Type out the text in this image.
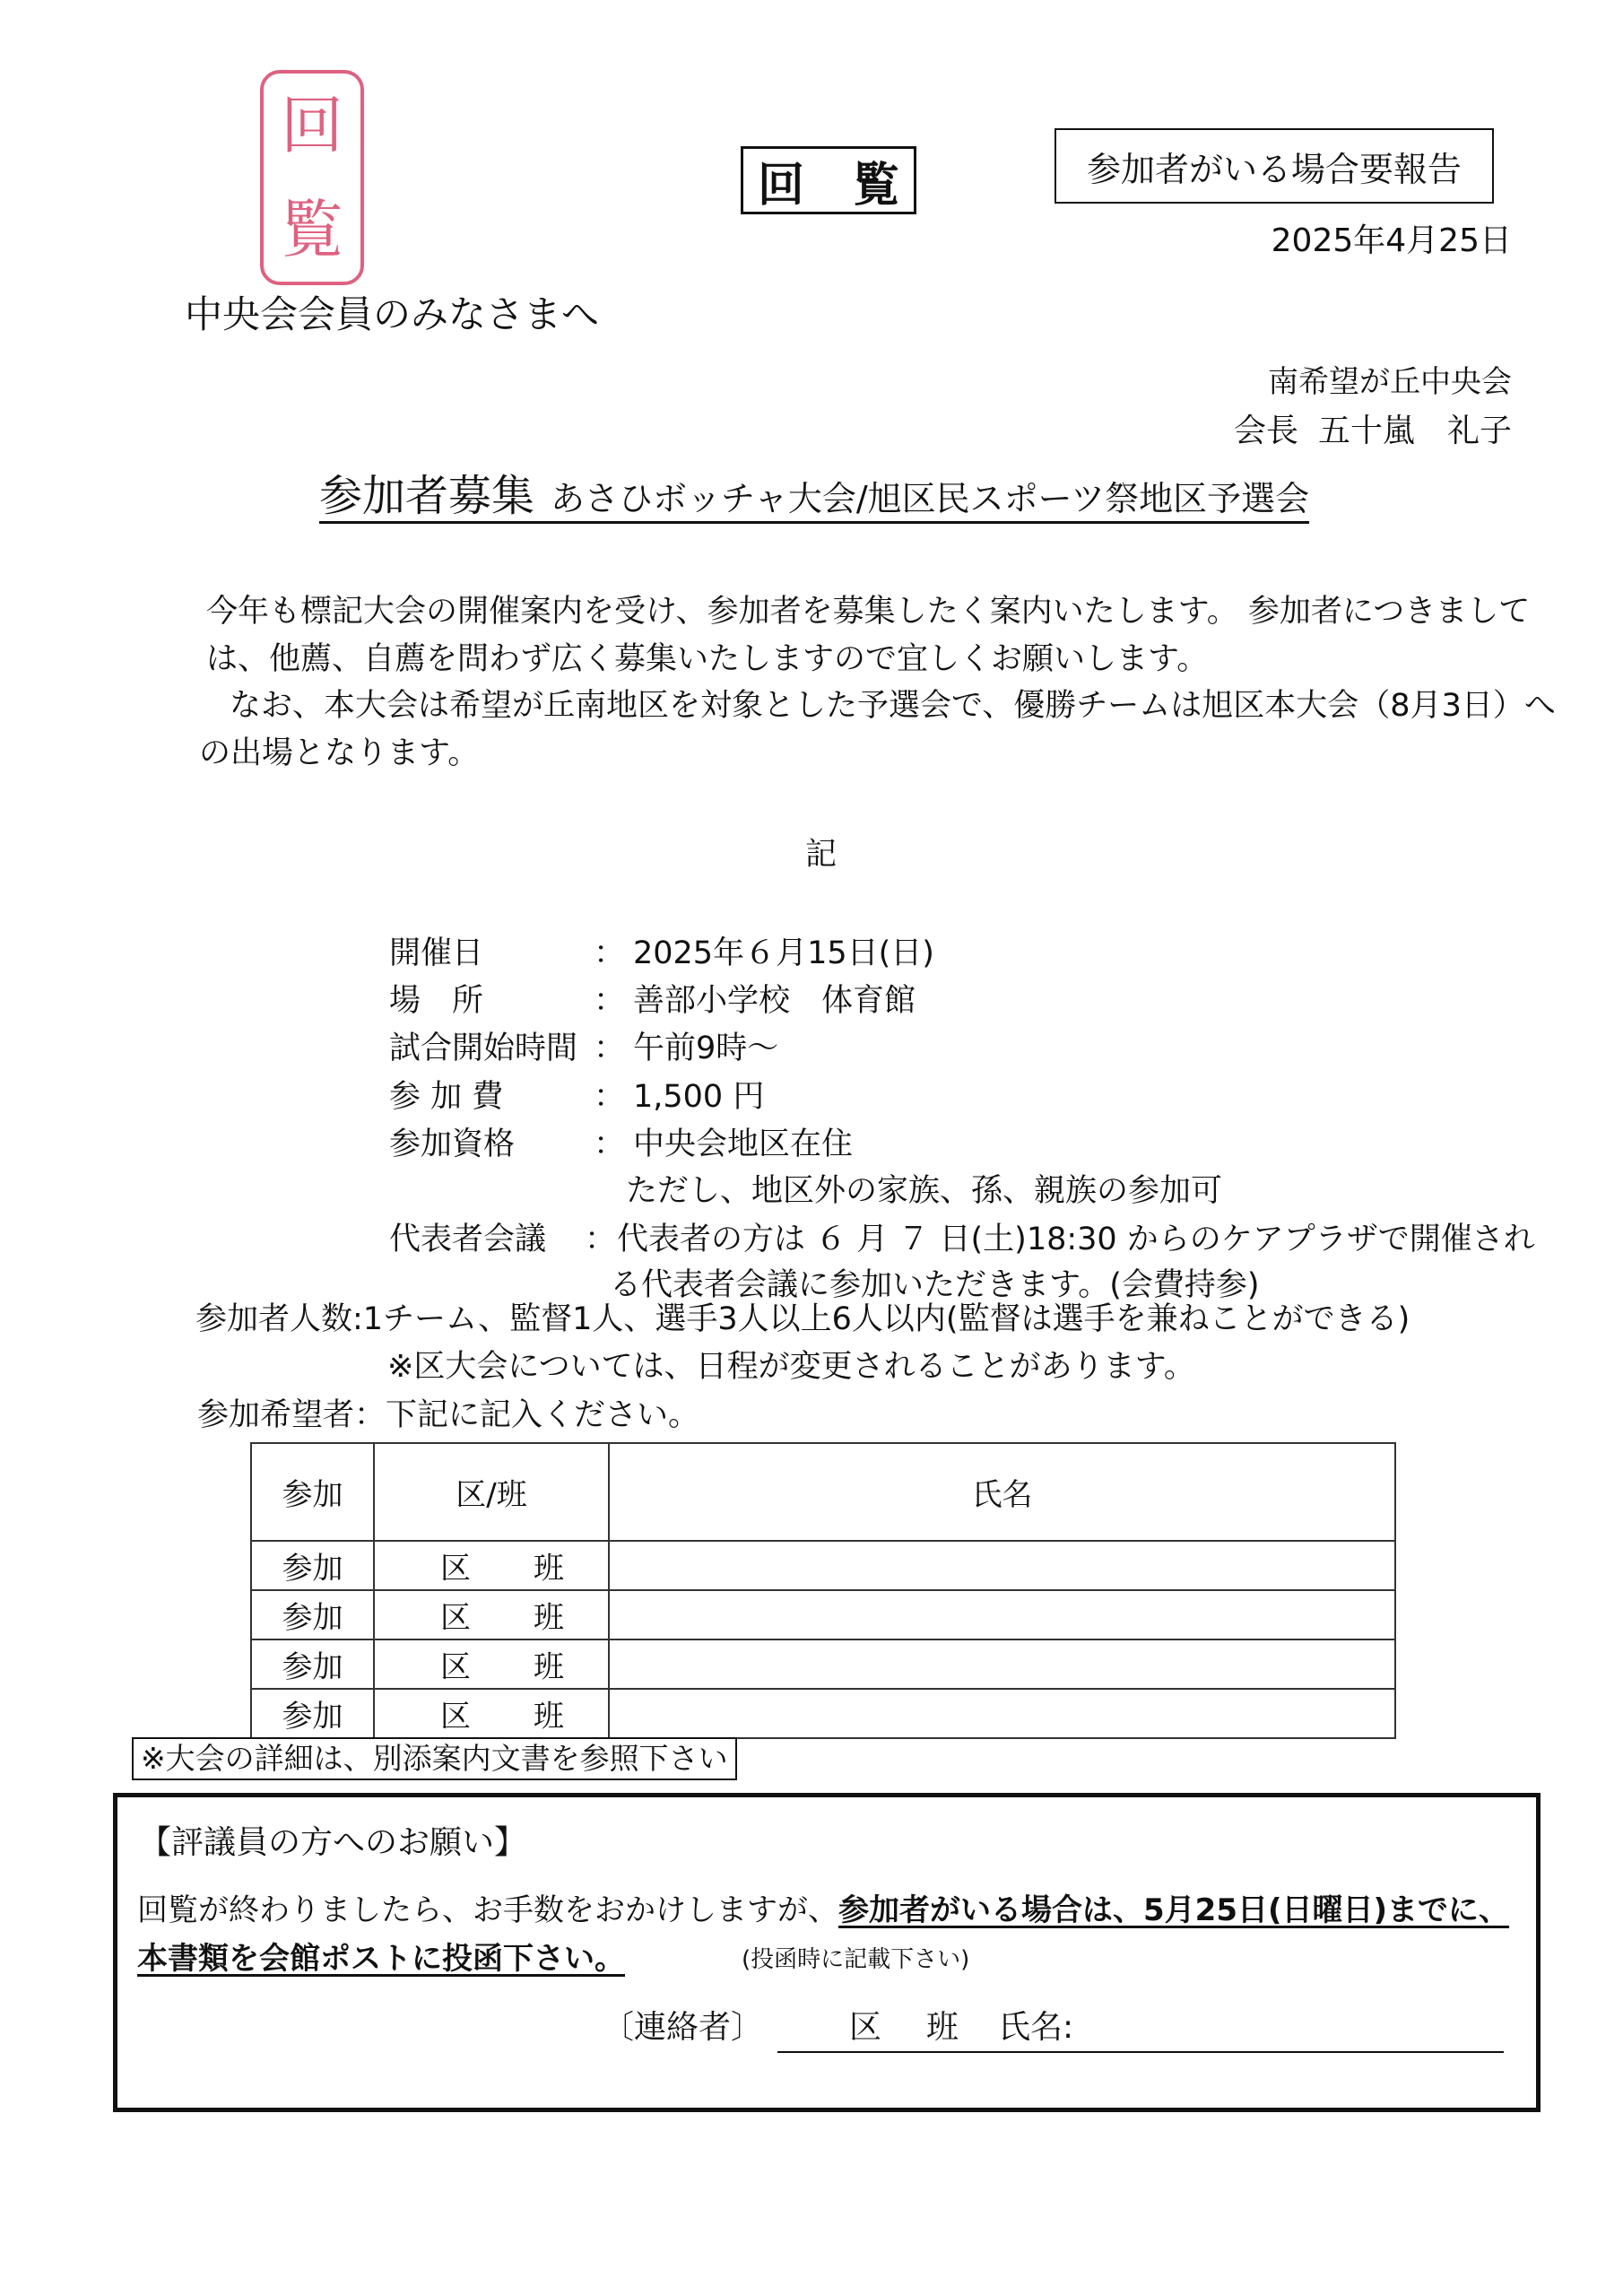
回
覧
回 覧	参加者がいる場合要報告
2025年4月25日
中央会会員のみなさまへ
南希望が丘中央会
会長 五十嵐　礼子
参加者募集 あさひボッチャ大会/旭区民スポーツ祭地区予選会
今年も標記大会の開催案内を受け、参加者を募集したく案内いたします。 参加者につきまして
は、他薦、自薦を問わず広く募集いたしますので宜しくお願いします。
なお、本大会は希望が丘南地区を対象とした予選会で、優勝チームは旭区本大会（8月3日）へ
の出場となります。
記
開催日	： 2025年６月15日(日)
場　所	： 善部小学校　体育館
試合開始時間 ： 午前9時～
参 加 費	： 1,500 円
参加資格	： 中央会地区在住
ただし、地区外の家族、孫、親族の参加可
代表者会議 ： 代表者の方は ６ 月 ７ 日(土)18:30 からのケアプラザで開催され
る代表者会議に参加いただきます。(会費持参)
参加者人数:1チーム、監督1人、選手3人以上6人以内(監督は選手を兼ねことができる)
※区大会については、日程が変更されることがあります。
参加希望者：下記に記入ください。
参加	区/班	氏名
参加	区 班	

参加	区 班	

参加	区 班	

参加	区 班	

※大会の詳細は、別添案内文書を参照下さい
【評議員の方へのお願い】
回覧が終わりましたら、お手数をおかけしますが、参加者がいる場合は、5月25日(日曜日)までに、
本書類を会館ポストに投函下さい。	(投函時に記載下さい)
〔連絡者〕	区 班 氏名:
